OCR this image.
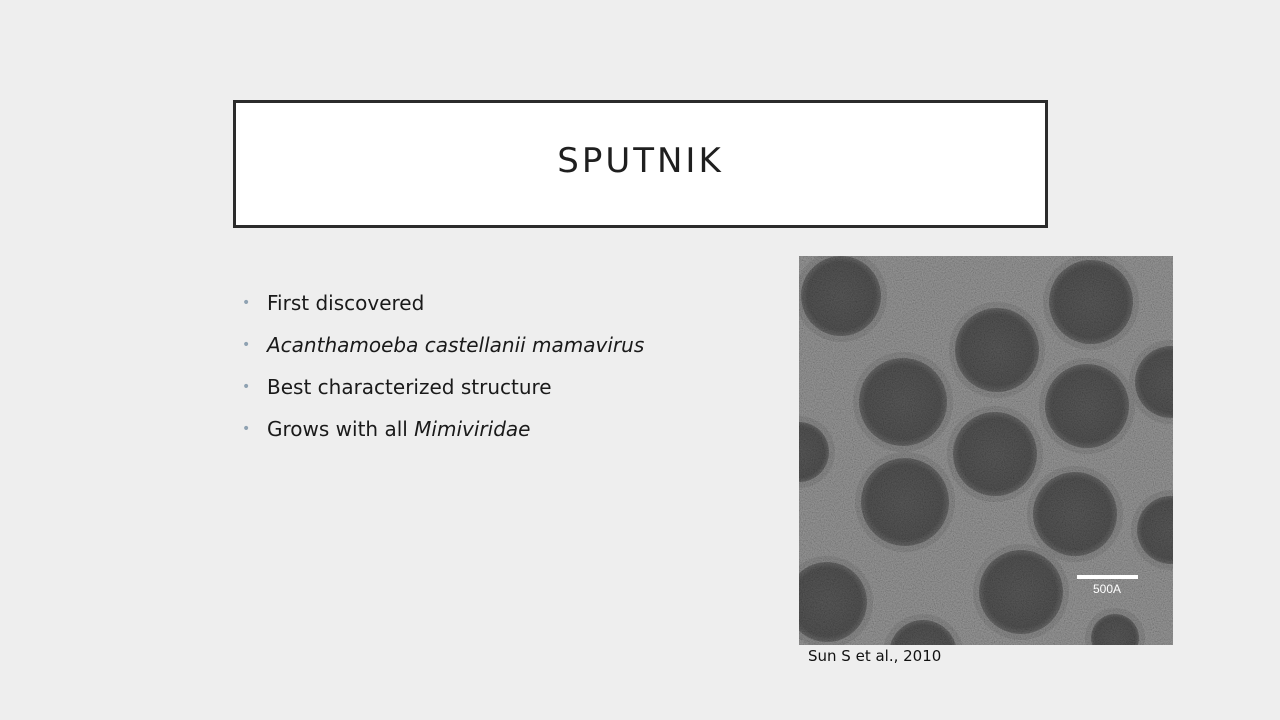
SPUTNIK
• First discovered
• Acanthamoeba castellanii mamavirus
• Best characterized structure
• Grows with all Mimiviridae
500A
Sun S et al., 2010
